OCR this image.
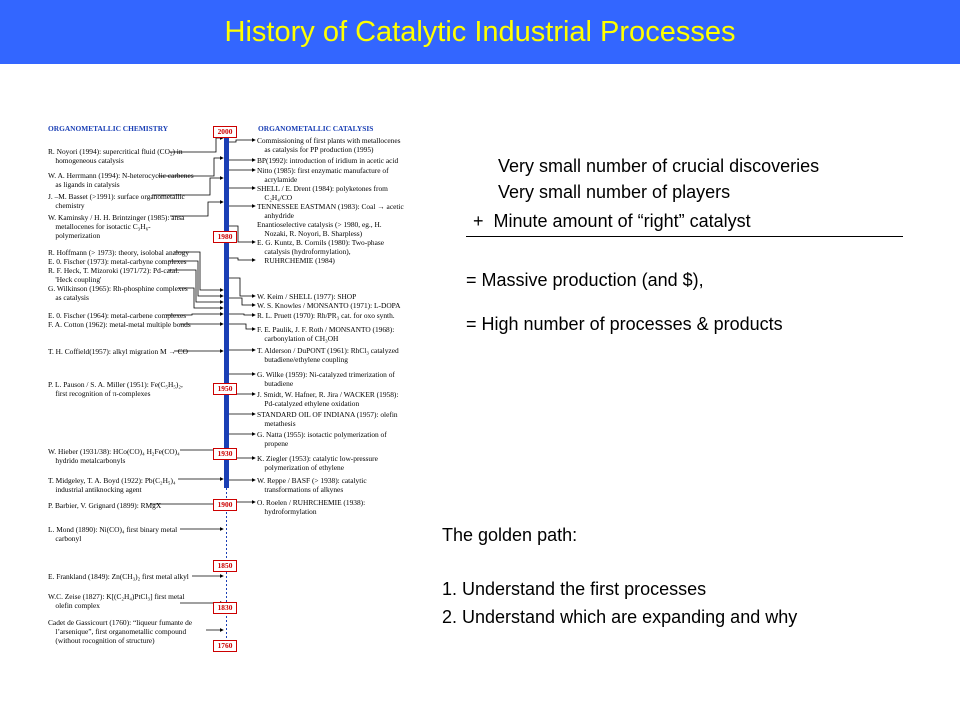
History of Catalytic Industrial Processes
ORGANOMETALLIC CHEMISTRY	ORGANOMETALLIC CATALYSIS
2000
1980
1950
1930
1900
1850
1830
1760
R. Noyori (1994): supercritical fluid (CO₂) in
homogeneous catalysis
W. A. Herrmann (1994): N-heterocyclic carbenes
as ligands in catalysis
J. –M. Basset (>1991): surface organometallic
chemistry
W. Kaminsky / H. H. Brintzinger (1985): ansa
metallocenes for isotactic C₃H₆-
polymerization
R. Hoffmann (> 1973): theory, isolobal analogy
E. 0. Fischer (1973): metal-carbyne complexes
R. F. Heck, T. Mizoroki (1971/72): Pd-catal.
'Heck coupling'
G. Wilkinson (1965): Rh-phosphine complexes
as catalysis
E. 0. Fischer (1964): metal-carbene complexes
F. A. Cotton (1962): metal-metal multiple bonds
T. H. Coffield(1957): alkyl migration M → CO
P. L. Pauson / S. A. Miller (1951): Fe(C₅H₅)₂,
first recognition of π-complexes
W. Hieber (1931/38): HCo(CO)₄ H₂Fe(CO)₄
hydrido metalcarbonyls
T. Midgeley, T. A. Boyd (1922): Pb(C₂H₅)₄
industrial antiknocking agent
P. Barbier, V. Grignard (1899): RMgX
L. Mond (1890): Ni(CO)₄ first binary metal
carbonyl
E. Frankland (1849): Zn(CH₃)₂ first metal alkyl
W.C. Zeise (1827): K[(C₂H₄)PtCl₃] first metal
olefin complex
Cadet de Gassicourt (1760): “liqueur fumante de
l’arsenique”, first organometallic compound
(without rocognition of structure)
Commissioning of first plants with metallocenes
as catalysis for PP production (1995)
BP(1992): introduction of iridium in acetic acid
Nitto (1985): first enzymatic manufacture of
acrylamide
SHELL / E. Drent (1984): polyketones from
C₂H₄/CO
TENNESSEE EASTMAN (1983): Coal → acetic
anhydride
Enantioselective catalysis (> 1980, eg., H.
Nozaki, R. Noyori, B. Sharpless)
E. G. Kuntz, B. Cornils (1980): Two-phase
catalysis (hydroformylation),
RUHRCHEMIE (1984)
W. Keim / SHELL (1977): SHOP
W. S. Knowles / MONSANTO (1971): L-DOPA
R. L. Pruett (1970): Rh/PR₃ cat. for oxo synth.
F. E. Paulik, J. F. Roth / MONSANTO (1968):
carbonylation of CH₃OH
T. Alderson / DuPONT (1961): RhCl₃ catalyzed
butadiene/ethylene coupling
G. Wilke (1959): Ni-catalyzed trimerization of
butadiene
J. Smidt, W. Hafner, R. Jira / WACKER (1958):
Pd-catalyzed ethylene oxidation
STANDARD OIL OF INDIANA (1957): olefin
metathesis
G. Natta (1955): isotactic polymerization of
propene
K. Ziegler (1953): catalytic low-pressure
polymerization of ethylene
W. Reppe / BASF (> 1938): catalytic
transformations of alkynes
O. Roelen / RUHRCHEMIE (1938):
hydroformylation
Very small number of crucial discoveries
Very small number of players
+  Minute amount of “right” catalyst
= Massive production (and $),
= High number of processes & products
The golden path:
1. Understand the first processes
2. Understand which are expanding and why
